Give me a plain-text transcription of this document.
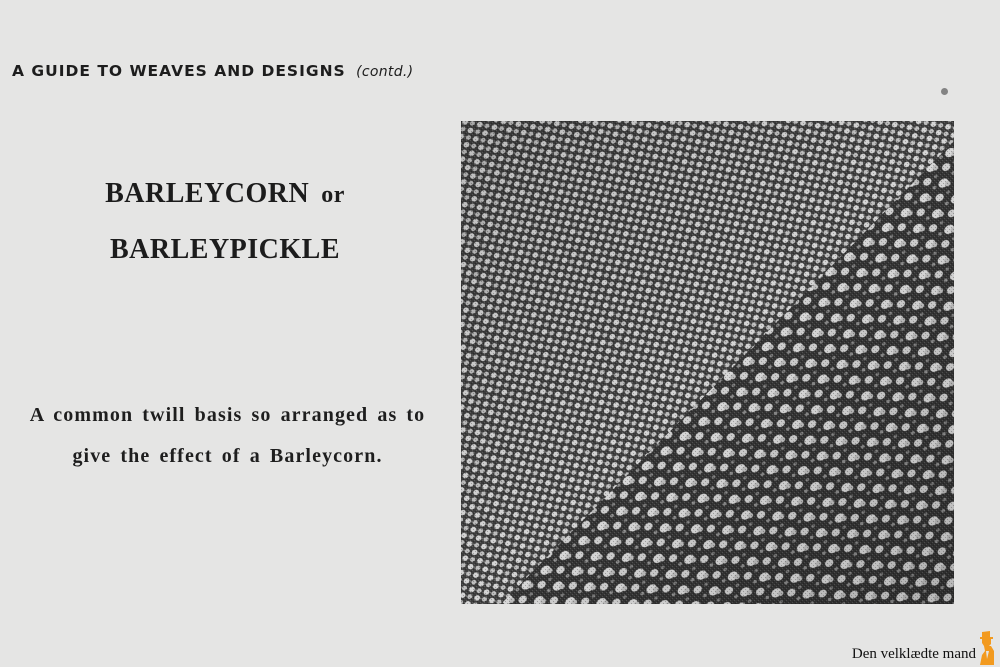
A GUIDE TO WEAVES AND DESIGNS (contd.)
BARLEYCORN or
BARLEYPICKLE
A common twill basis so arranged as to
give the effect of a Barleycorn.
Den velklædte mand
